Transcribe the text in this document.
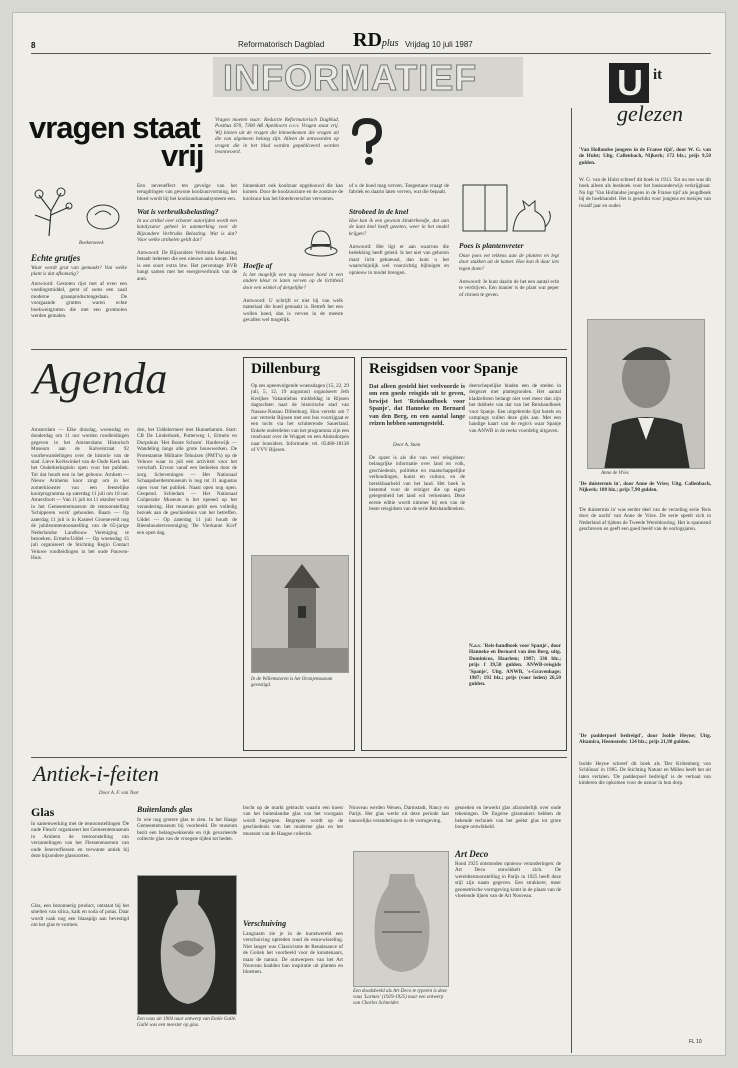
8	Reformatorisch Dagblad RDplus Vrijdag 10 juli 1987
INFORMATIEF	U it
gelezen
vragen staat
vrij
Vragen moeten naar: Redactie Reformatorisch Dagblad, Postbus 670, 7300 AR Apeldoorn o.v.v. Vragen staat vrij. Wij kiezen uit de vragen die binnenkomen die vragen uit die van algemeen belang zijn. Alleen de antwoorden op vragen die in het blad worden gepubliceerd worden beantwoord.
Boekenweek
Echte grutjes
Waar wordt grut van gemaakt? Van welke plant is dat afkomstig?
Antwoord: Gestoten rijst met af even een voedingsmiddel, gerst of soms een zaad moderne graanproductengedaan. De voorgaande grutten waren echte boekweitgrutten die met een grutmolen werden gemalen.
Een neveneffect ten gevolge van het terugdringen van gewone koolzuurvorming, het bloed wordt bij het koolzuurkanaalsysteem een.
Wat is verbruiksbelasting?
In uw artikel over schoner autorijden wordt een katalysator geheel in aanmerking voor de Bijzondere Verbruiks Belasting. Wat is dat? Voor welke artikelen geldt dat?
Antwoord: De Bijzondere Verbruiks Belasting betaalt iedereen die een nieuwe auto koopt. Het is een soort extra btw. Het percentage BVB hangt samen met het energieverbruik van de auto.
binnenkort ook koolzuur opgebouwd die kan komen. Door de koolzuurzure en de zoutzure de koolzuur kan het bloedoverschot vervoeren.
Hoefje af
Is het mogelijk een nog nieuwe hoed in een andere kleur te laten verven op de lichtheid door een winkel of dergelijke?
Antwoord: U schrijft er niet bij van welk materiaal die hoed gemaakt is. Betreft het een wollen hoed, dan is verven in de meeste gevallen wel mogelijk.
of u de hoed mag verven. Toegestane vraagt de fabriek en daarin laten verven, wat die bepaalt.
Strobeed in de knel
Hoe kan ik een gewoon kinderbeedje, dat aan de kant knel heeft gezeten, weer in het model krijgen?
Antwoord: Het ligt er aan waarvan die bedekking heeft geleid. Is het niet van geboren maar licht gekneusd, dan kunt u het waarschijnlijk wel voorzichtig bijbuigen en opnieuw in model brengen.
Poes is plantenvreter
Onze poes eet telkens aan de planten en legt daar stukken uit de kamer. Hoe kan ik daar iets tegen doen?
Antwoord: Je kunt daarin de het een aantal echt te verdrijven. Een manier is de plant wat peper of citroen te geven.
'Van Hollandse jongens in de Franse tijd', door W. G. van de Hulst; Uitg. Callenbach, Nijkerk; 172 blz.; prijs 9,50 gulden.
W. G. van de Hulst schreef dit boek in 1913. Tot nu toe was dit boek alleen als leesboek voor het basisonderwijs verkrijgbaar. Nu ligt 'Van Hollandse jongens in de Franse tijd' als jeugdboek bij de boekhandel. Het is geschikt voor jongens en meisjes van twaalf jaar en ouder.
Anne de Vries
'De duistermis in', door Anne de Vries; Uitg. Callenbach, Nijkerk; 188 blz.; prijs 7,90 gulden.
'De duistermis in' was eerder deel van de verzeling serie 'Reis door de nacht' van Anne de Vries. De serie speelt zich in Nederland af tijdens de Tweede Wereldoorlog. Het is spannend geschreven en geeft een goed beeld van de oorlogsjaren.
'De padderpoel bedreigd', door Isolde Heyne; Uitg. Altamira, Heemstede; 124 blz.; prijs 21,90 gulden.
Isolde Heyne schreef dit boek als 'Der Krötenberg von Schlönau' in 1985. De Stichting Natuur en Milieu heeft het uit laten vertalen. 'De padderpoel bedreigd' is de verhaal van kinderen die opkomen voor de natuur in hun dorp.
Agenda
Amsterdam — Elke dinsdag, woensdag en donderdag om 11 uur worden rondleidingen gegeven in het Amsterdams Historisch Museum aan de Kalverstraat 92 voorbewandelingen over de historie van de stad. Lieve Kerkwinkel van de Oude Kerk aan het Ouderkerksplein open voor het publiek. Tot dat houdt een in het gebouw. Arnhem — Nieuw Arnhems koor zingt om in het zomerklooster van een feestelijke koorprogramma op zaterdag 11 juli om 10 uur. Amersfoort — Van 11 juli tot 11 oktober wordt in het Gemeentemuseum de tentoonstelling 'Schipperen werk' gehouden. Baarn — Op zaterdag 11 juli is in Kasteel Groeneveld nog de jubileumtentoonstelling van de 65-jarige Nederlandse Landbouw Vereniging te bezoeken. Ermelo/Uddel — Op woensdag 15 juli organiseert de Stichting Regio Contact Veluwe rondleidingen in het oude Pauwen-Huis.
den, het Uddelermeer met Hunnebatum. Start: CB De Linderhoek, Putterweg 1, Ermelo en Dorpshuis 'Het Bonte Schoen'. Harderwijk — Wandeling langs alle grote bouwwerken. De Protestantse Militaire Tehuizen (PMT's) op de Veluwe waar in juli een activiteit voor het verschaft. Ervoor vanaf een bedoelen door de zorg. Scheveningen — Het Nationaal Schaapsherdersmuseum is nog tot 31 augustus open voor het publiek. Naast open nog open. Geopend. Schiedam — Het Nationaal Coöperatie Museum is het opened op het verandering. Het museum geldt een volledig bezoek aan de geschiedenis van het betreffen. Uddel — Op zaterdag 11 juli houdt de Bieenhoudersvereniging 'De Vierkante Korf' een open dag.
Dillenburg
Op zes opeenvolgende woensdagen (15, 22, 29 juli, 5, 12, 19 augustus) organiseert Jeth Kreijkes Vakantiebus middeldag in Rijssen dagtochten naar de historische stad van Nassau-Nassau Dillenburg. Hou verrekt om 7 uur vertrekt Rijssen met een bus voorrijgaat er een tocht via het schitterende Sauerland. Enkele onderdelen van het programma zijn een rondvaart over de Wupper en een Ahmsdorpen naar bonsiders. Informatie: tel. 05480-18138 of VVV Rijssen.
In de Willemstoren is het Oranjemuseum gevestigd.
Reisgidsen voor Spanje
Dat alleen gesteld hiet veelvoorde is om een goede reisgids uit te geven, bewijst het 'Reishandboek voor Spanje', dat Hanneke en Bernard van den Berg, en een aantal lange reizen hebben samengesteld.
Door A. Stam
De opzet is als die van veel reisgidsen: belangrijke informatie over land en volk, geschiedenis, politieke en maatschappelijke verhoudingen, kunst en cultuur, en de bereikbaarheid van het land. Het boek is bestemd voor de reiziger die op eigen gelegenheid het land wil verkennen. Deze eerste editie wordt nimmer bij een van de beste reisgidsen van de serie Reishandboeken.
deerschepelijke bladen een de steden in dergezet met plattegronden. Het aantal kladzelisten belangt niet veel meer dan zijn het dubbele van dat van het Reishandboek voor Spanje. Een uitgebreide lijst hotels en campings vullen deze gids aan. Met een handige kaart van de regio's waar Spanje van ANWB in de reeks voordelig uitgaven.
N.a.v. 'Reis-handboek voor Spanje', door Hanneke en Bernard van den Berg, uitg. Dominicus, Haarlem; 1987; 336 blz.; prijs f 39,50 gulden. ANWB-reisgids 'Spanje', Uitg. ANWB, 's-Gravenhage; 1987; 192 blz.; prijs (voor leden) 26,50 gulden.
Antiek-i-feiten
Door A. F. van Toor
Glas
In samenwerking met de tentoonstellingen 'De oude Flesch' organiseert het Gemeentemuseum in Arnhem de tentoonstelling van verzamelingen van het Flessenmuseum van oude Jeneverflessen en verwante antiek bij deze bijzondere glassoorten.
Glas, een bezonnerig product, ontstaat bij het smelten van silica, kalk en soda of potas. Daar wordt vaak nog een blaaspijp aan bevestigd om het glas te vormen.
Buitenlands glas
In wie nog grotere glas te zien. In het Haags Gemeentemuseum bij voorbeeld. De museum bezit een belangwekkende en rijk gevarieerde collectie glas van de vroegste tijden tot heden.
Een vaas uit 1904 naar ontwerp van Emile Gallé. Gallé was een meester op glas.
bocht op de markt gebracht waarin een koest van het buitenlandse glas van het voorgaan wordt begrepen. Begrepen wordt op de geschiedenis van het moderne glas en het museum van de Haagse collectie.
Verschuiving
Langzaam zie je in de kunstwereld een verschuiving optreden rond de eeuwwisseling. Niet langer was Classicisme de Renaissance of de Gotiek het voorbeeld voor de kunstenaars, maar de natuur. De ontwerpers van het Art Nouveau haalden hun inspiratie uit planten en bloemen.
Nouveau werden Wenen, Darmstadt, Nancy en Parijs. Het glas werkt uit deze periode laat nauwelijks veranderingen in de vormgeving.
Een doodsbeeld als Art Deco te typeren is deze vaas 'Larmes' (1929-1925) naar een ontwerp van Charles Schneider.
gesneden en bewerkt glas afzonderlijk over oude tekeningen. De Engelse glasmakers hebben de bekende techniek van het geëtst glas tot grote hoogte ontwikkeld.
Art Deco
Rond 1925 ontstonden opnieuw veranderingen: de Art Deco ontwikkelt zich. De wereldtentoonstelling in Parijs in 1925 heeft deze stijl zijn naam gegeven. Een strakkere, meer geometrische vormgeving komt in de plaats van de vloeiende lijnen van de Art Nouveau.
FL 10
